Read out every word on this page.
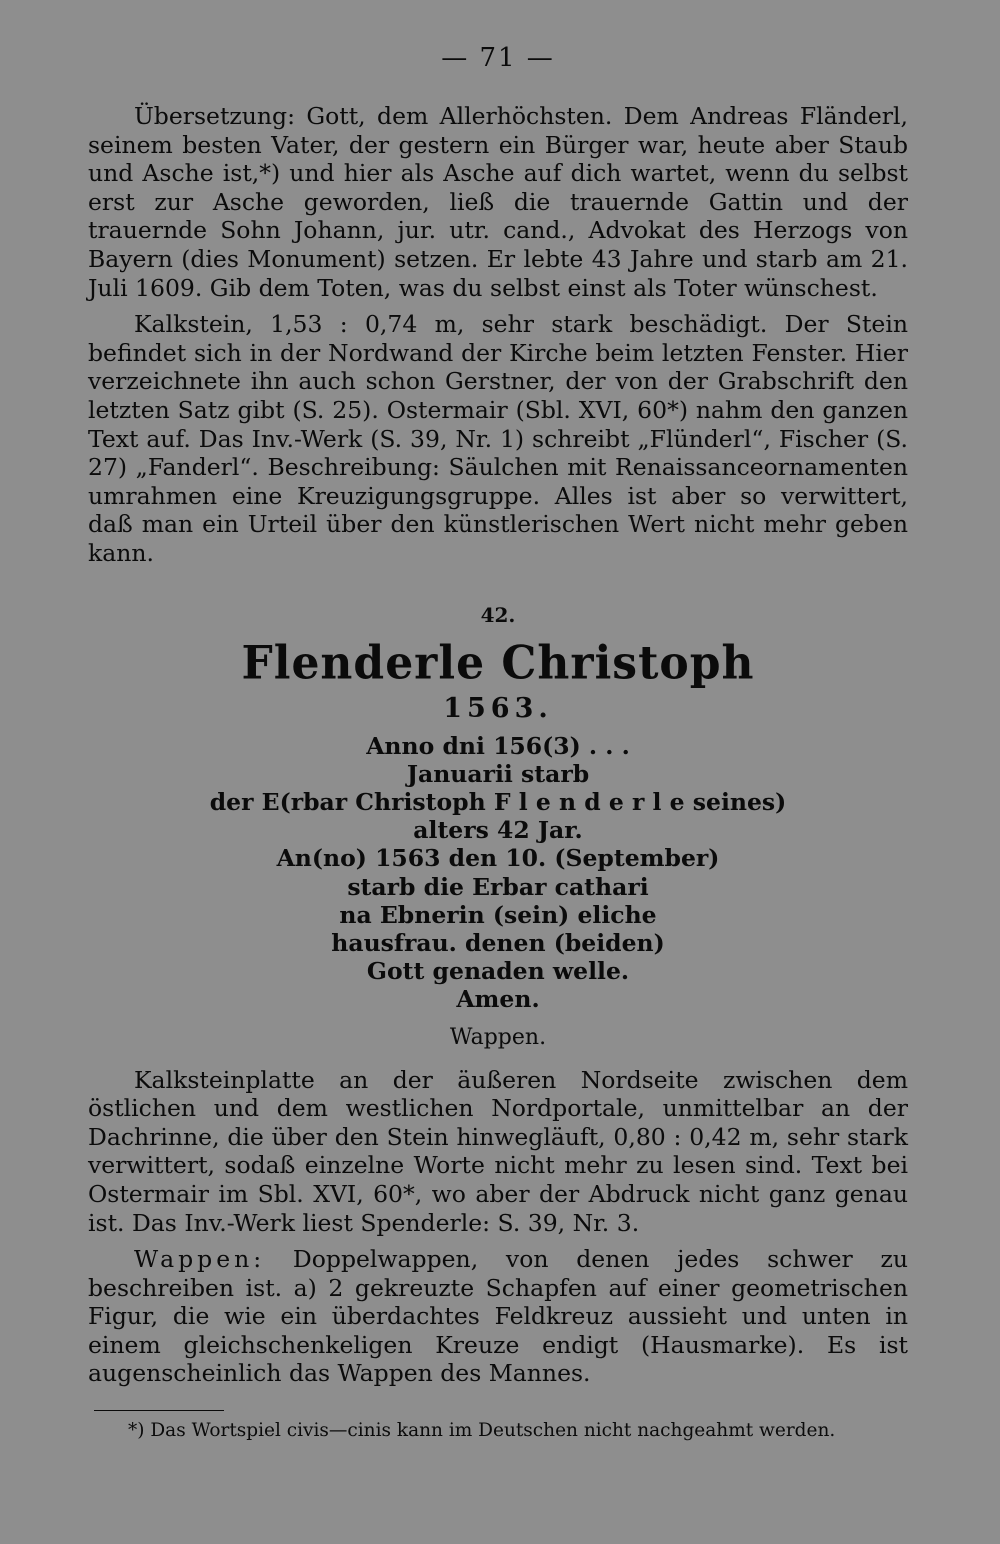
— 71 —

Übersetzung: Gott, dem Allerhöchsten. Dem Andreas Fländerl, seinem besten Vater, der gestern ein Bürger war, heute aber Staub und Asche ist,*) und hier als Asche auf dich wartet, wenn du selbst erst zur Asche geworden, ließ die trauernde Gattin und der trauernde Sohn Johann, jur. utr. cand., Advokat des Herzogs von Bayern (dies Monument) setzen. Er lebte 43 Jahre und starb am 21. Juli 1609. Gib dem Toten, was du selbst einst als Toter wünschest.

Kalkstein, 1,53 : 0,74 m, sehr stark beschädigt. Der Stein befindet sich in der Nordwand der Kirche beim letzten Fenster. Hier verzeichnete ihn auch schon Gerstner, der von der Grabschrift den letzten Satz gibt (S. 25). Ostermair (Sbl. XVI, 60*) nahm den ganzen Text auf. Das Inv.-Werk (S. 39, Nr. 1) schreibt „Flünderl“, Fischer (S. 27) „Fanderl“. Beschreibung: Säulchen mit Renaissanceornamenten umrahmen eine Kreuzigungsgruppe. Alles ist aber so verwittert, daß man ein Urteil über den künstlerischen Wert nicht mehr geben kann.

42.
Flenderle Christoph
1563.
Anno dni 156(3) . . .
Januarii starb
der E(rbar Christoph F l e n d e r l e seines)
alters 42 Jar.
An(no) 1563 den 10. (September)
starb die Erbar cathari
na Ebnerin (sein) eliche
hausfrau. denen (beiden)
Gott genaden welle.
Amen.
Wappen.

Kalksteinplatte an der äußeren Nordseite zwischen dem östlichen und dem westlichen Nordportale, unmittelbar an der Dachrinne, die über den Stein hinwegläuft, 0,80 : 0,42 m, sehr stark verwittert, sodaß einzelne Worte nicht mehr zu lesen sind. Text bei Ostermair im Sbl. XVI, 60*, wo aber der Abdruck nicht ganz genau ist. Das Inv.-Werk liest Spenderle: S. 39, Nr. 3.

Wappen: Doppelwappen, von denen jedes schwer zu beschreiben ist. a) 2 gekreuzte Schapfen auf einer geometrischen Figur, die wie ein überdachtes Feldkreuz aussieht und unten in einem gleichschenkeligen Kreuze endigt (Hausmarke). Es ist augenscheinlich das Wappen des Mannes.

*) Das Wortspiel civis—cinis kann im Deutschen nicht nachgeahmt werden.
